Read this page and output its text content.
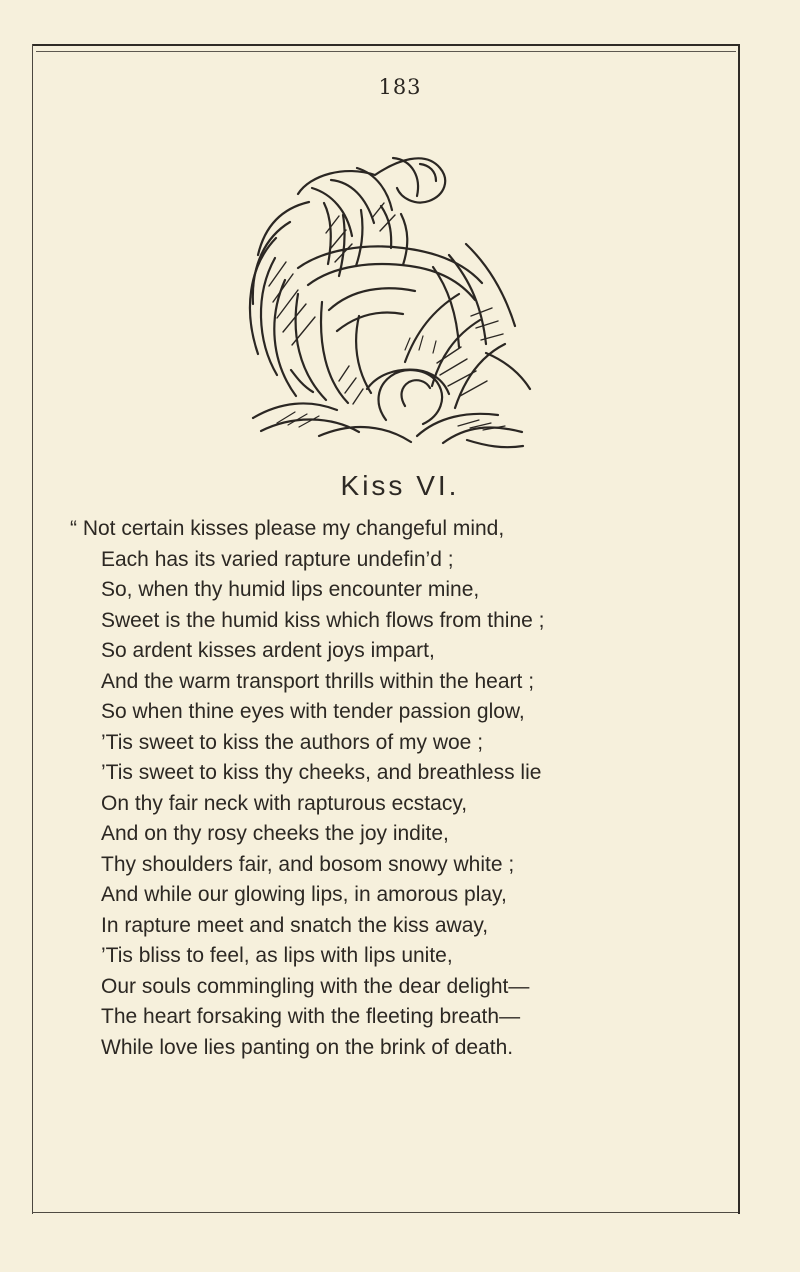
183
Kiss VI.
“ Not certain kisses please my changeful mind,
Each has its varied rapture undefin’d ;
So, when thy humid lips encounter mine,
Sweet is the humid kiss which flows from thine ;
So ardent kisses ardent joys impart,
And the warm transport thrills within the heart ;
So when thine eyes with tender passion glow,
’Tis sweet to kiss the authors of my woe ;
’Tis sweet to kiss thy cheeks, and breathless lie
On thy fair neck with rapturous ecstacy,
And on thy rosy cheeks the joy indite,
Thy shoulders fair, and bosom snowy white ;
And while our glowing lips, in amorous play,
In rapture meet and snatch the kiss away,
’Tis bliss to feel, as lips with lips unite,
Our souls commingling with the dear delight—
The heart forsaking with the fleeting breath—
While love lies panting on the brink of death.
